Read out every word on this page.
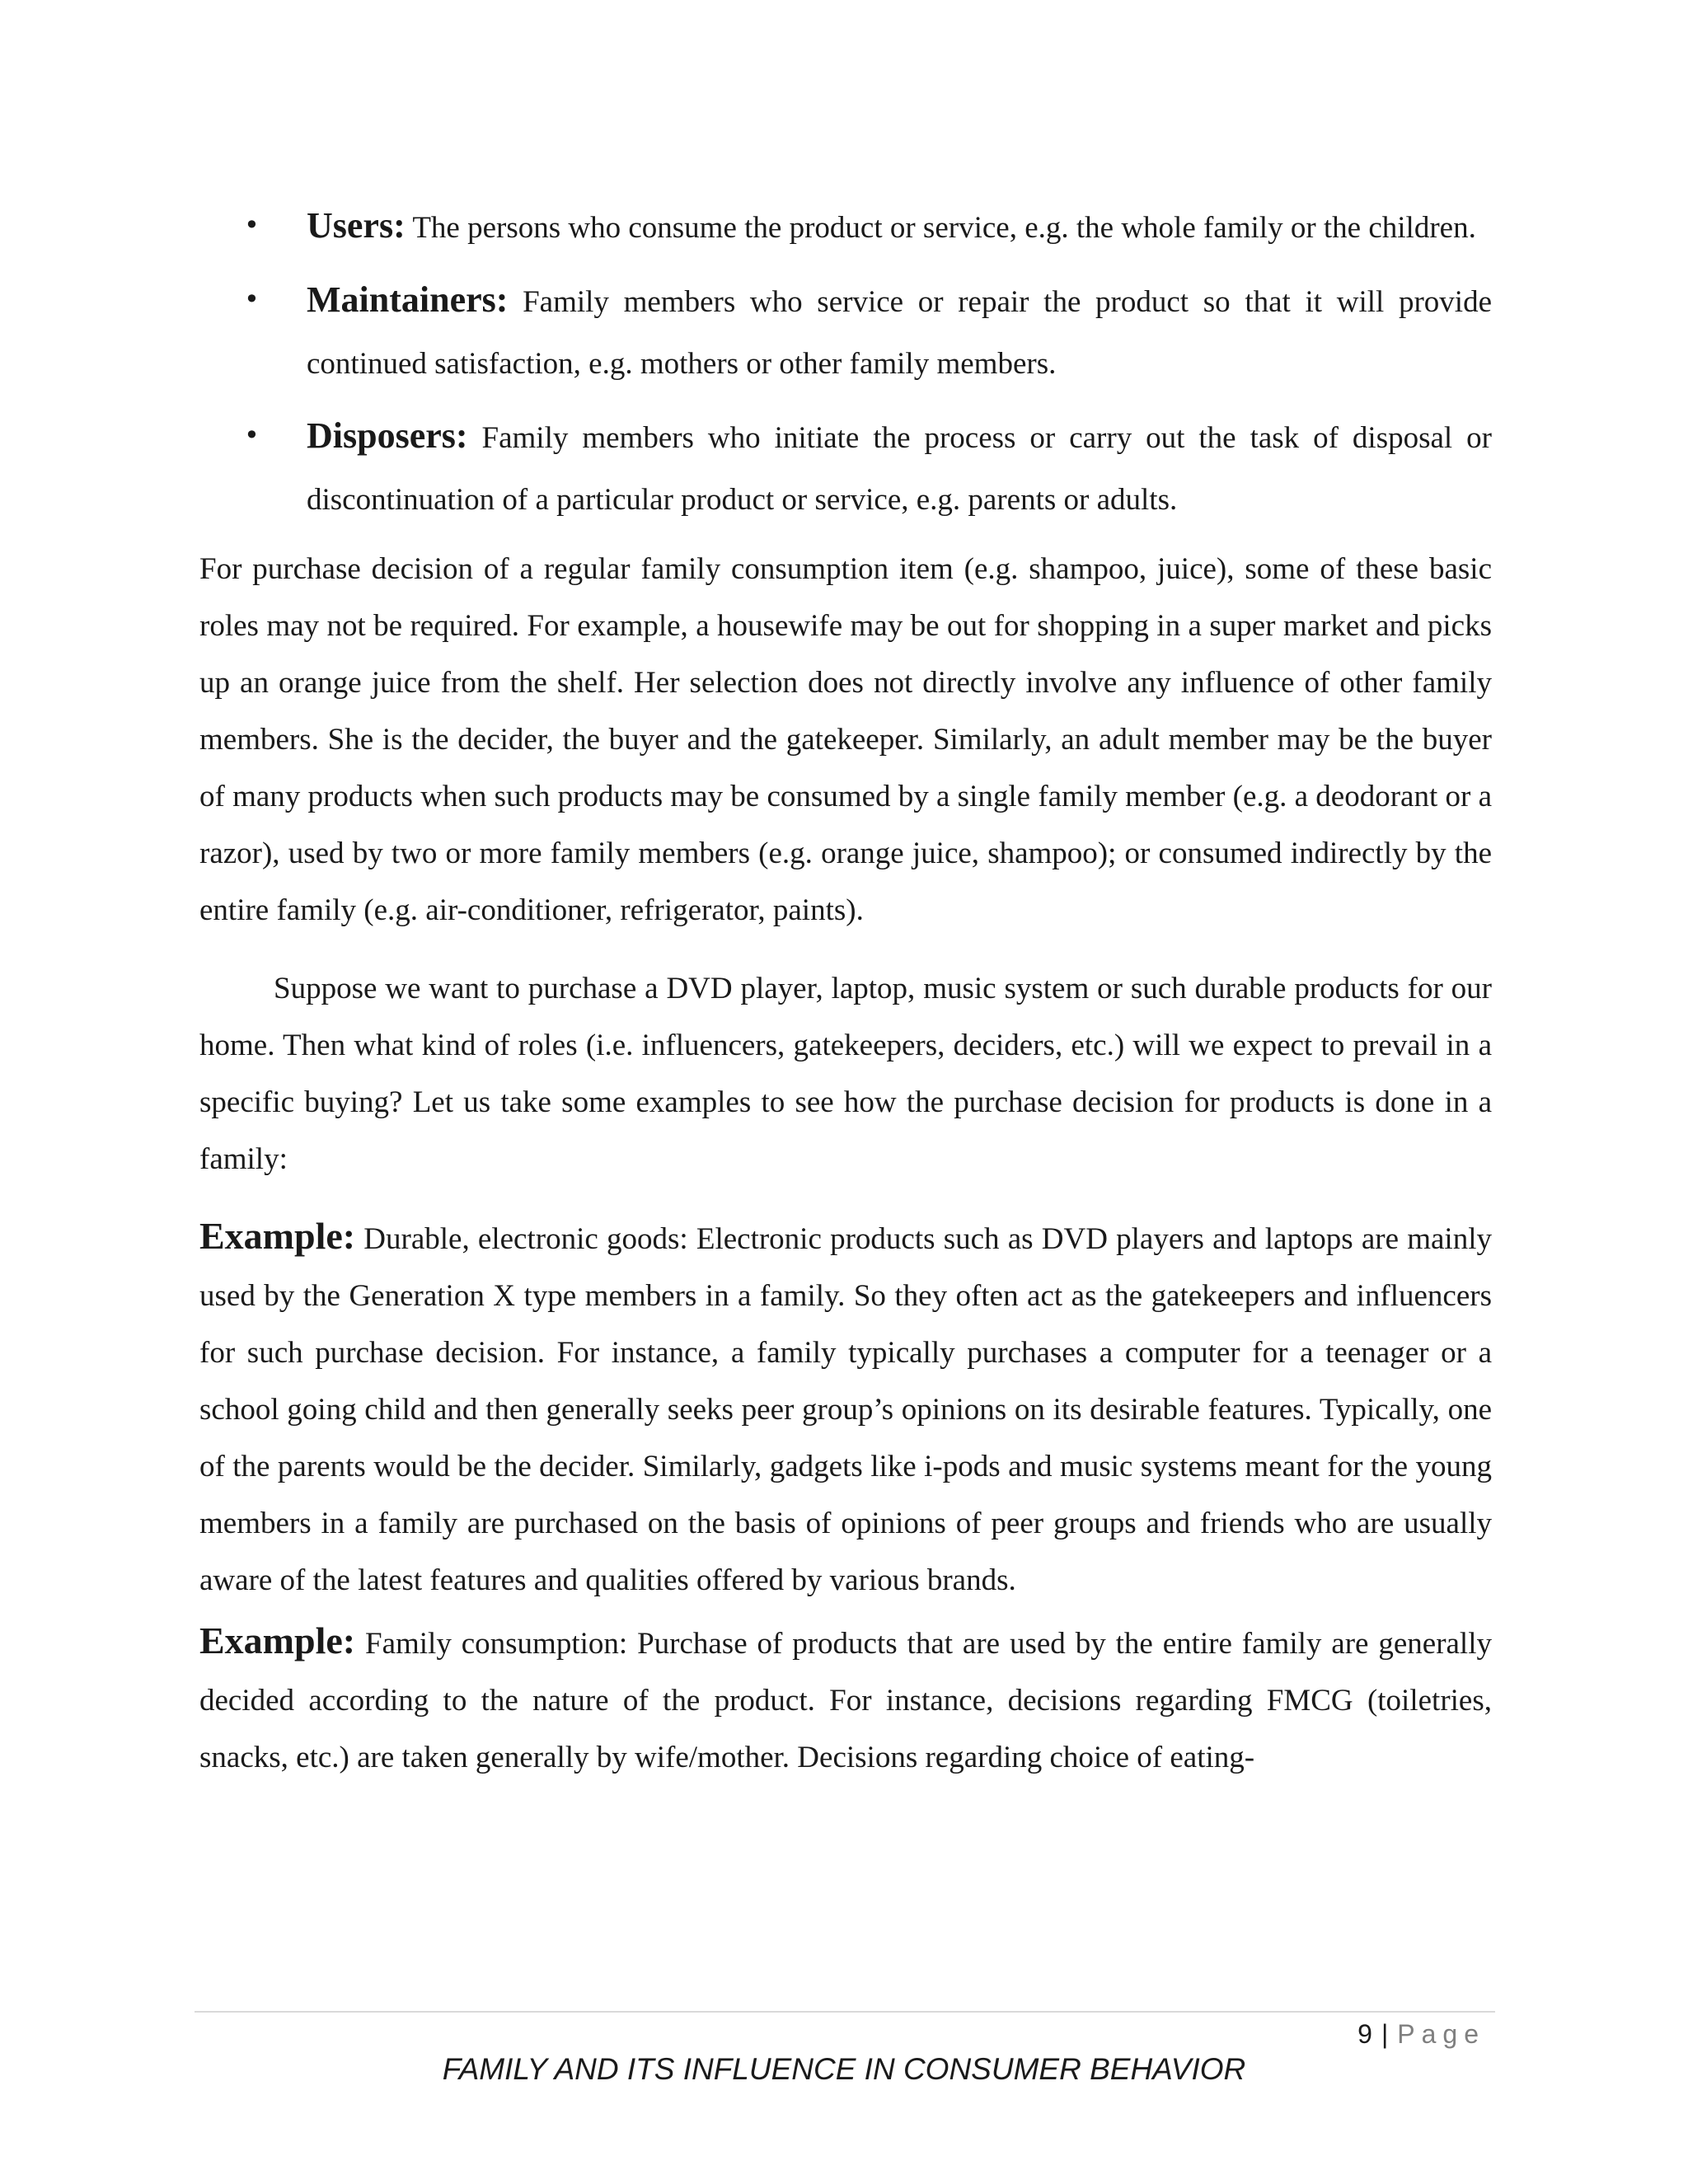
• Users: The persons who consume the product or service, e.g. the whole family or the children.
• Maintainers: Family members who service or repair the product so that it will provide continued satisfaction, e.g. mothers or other family members.
• Disposers: Family members who initiate the process or carry out the task of disposal or discontinuation of a particular product or service, e.g. parents or adults.

For purchase decision of a regular family consumption item (e.g. shampoo, juice), some of these basic roles may not be required. For example, a housewife may be out for shopping in a super market and picks up an orange juice from the shelf. Her selection does not directly involve any influence of other family members. She is the decider, the buyer and the gatekeeper. Similarly, an adult member may be the buyer of many products when such products may be consumed by a single family member (e.g. a deodorant or a razor), used by two or more family members (e.g. orange juice, shampoo); or consumed indirectly by the entire family (e.g. air-conditioner, refrigerator, paints).

Suppose we want to purchase a DVD player, laptop, music system or such durable products for our home. Then what kind of roles (i.e. influencers, gatekeepers, deciders, etc.) will we expect to prevail in a specific buying? Let us take some examples to see how the purchase decision for products is done in a family:

Example: Durable, electronic goods: Electronic products such as DVD players and laptops are mainly used by the Generation X type members in a family. So they often act as the gatekeepers and influencers for such purchase decision. For instance, a family typically purchases a computer for a teenager or a school going child and then generally seeks peer group’s opinions on its desirable features. Typically, one of the parents would be the decider. Similarly, gadgets like i-pods and music systems meant for the young members in a family are purchased on the basis of opinions of peer groups and friends who are usually aware of the latest features and qualities offered by various brands.

Example: Family consumption: Purchase of products that are used by the entire family are generally decided according to the nature of the product. For instance, decisions regarding FMCG (toiletries, snacks, etc.) are taken generally by wife/mother. Decisions regarding choice of eating-

9 | Page
FAMILY AND ITS INFLUENCE IN CONSUMER BEHAVIOR
